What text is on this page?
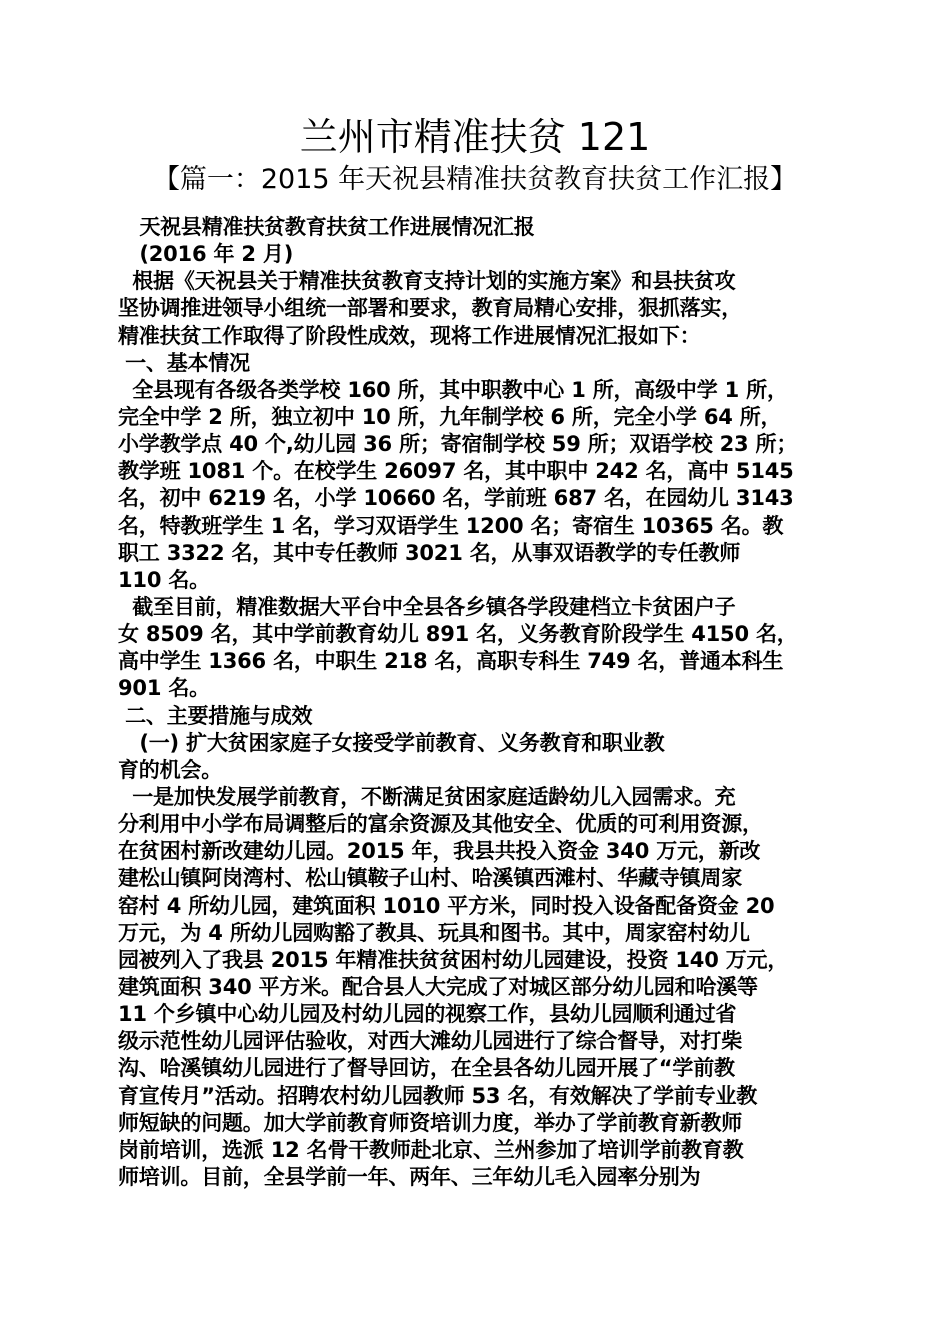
兰州市精准扶贫 121
【篇一：2015 年天祝县精准扶贫教育扶贫工作汇报】
天祝县精准扶贫教育扶贫工作进展情况汇报
(2016 年 2 月)
根据《天祝县关于精准扶贫教育支持计划的实施方案》和县扶贫攻
坚协调推进领导小组统一部署和要求，教育局精心安排，狠抓落实，
精准扶贫工作取得了阶段性成效，现将工作进展情况汇报如下：
一、基本情况
全县现有各级各类学校 160 所，其中职教中心 1 所，高级中学 1 所，
完全中学 2 所，独立初中 10 所，九年制学校 6 所，完全小学 64 所，
小学教学点 40 个,幼儿园 36 所；寄宿制学校 59 所；双语学校 23 所；
教学班 1081 个。在校学生 26097 名，其中职中 242 名，高中 5145
名，初中 6219 名，小学 10660 名，学前班 687 名，在园幼儿 3143
名，特教班学生 1 名，学习双语学生 1200 名；寄宿生 10365 名。教
职工 3322 名，其中专任教师 3021 名，从事双语教学的专任教师
110 名。
截至目前，精准数据大平台中全县各乡镇各学段建档立卡贫困户子
女 8509 名，其中学前教育幼儿 891 名，义务教育阶段学生 4150 名，
高中学生 1366 名，中职生 218 名，高职专科生 749 名，普通本科生
901 名。
二、主要措施与成效
(一) 扩大贫困家庭子女接受学前教育、义务教育和职业教
育的机会。
一是加快发展学前教育，不断满足贫困家庭适龄幼儿入园需求。充
分利用中小学布局调整后的富余资源及其他安全、优质的可利用资源，
在贫困村新改建幼儿园。2015 年，我县共投入资金 340 万元，新改
建松山镇阿岗湾村、松山镇鞍子山村、哈溪镇西滩村、华藏寺镇周家
窑村 4 所幼儿园，建筑面积 1010 平方米，同时投入设备配备资金 20
万元，为 4 所幼儿园购豁了教具、玩具和图书。其中，周家窑村幼儿
园被列入了我县 2015 年精准扶贫贫困村幼儿园建设，投资 140 万元，
建筑面积 340 平方米。配合县人大完成了对城区部分幼儿园和哈溪等
11 个乡镇中心幼儿园及村幼儿园的视察工作，县幼儿园顺利通过省
级示范性幼儿园评估验收，对西大滩幼儿园进行了综合督导，对打柴
沟、哈溪镇幼儿园进行了督导回访，在全县各幼儿园开展了“学前教
育宣传月”活动。招聘农村幼儿园教师 53 名，有效解决了学前专业教
师短缺的问题。加大学前教育师资培训力度，举办了学前教育新教师
岗前培训，选派 12 名骨干教师赴北京、兰州参加了培训学前教育教
师培训。目前，全县学前一年、两年、三年幼儿毛入园率分别为
